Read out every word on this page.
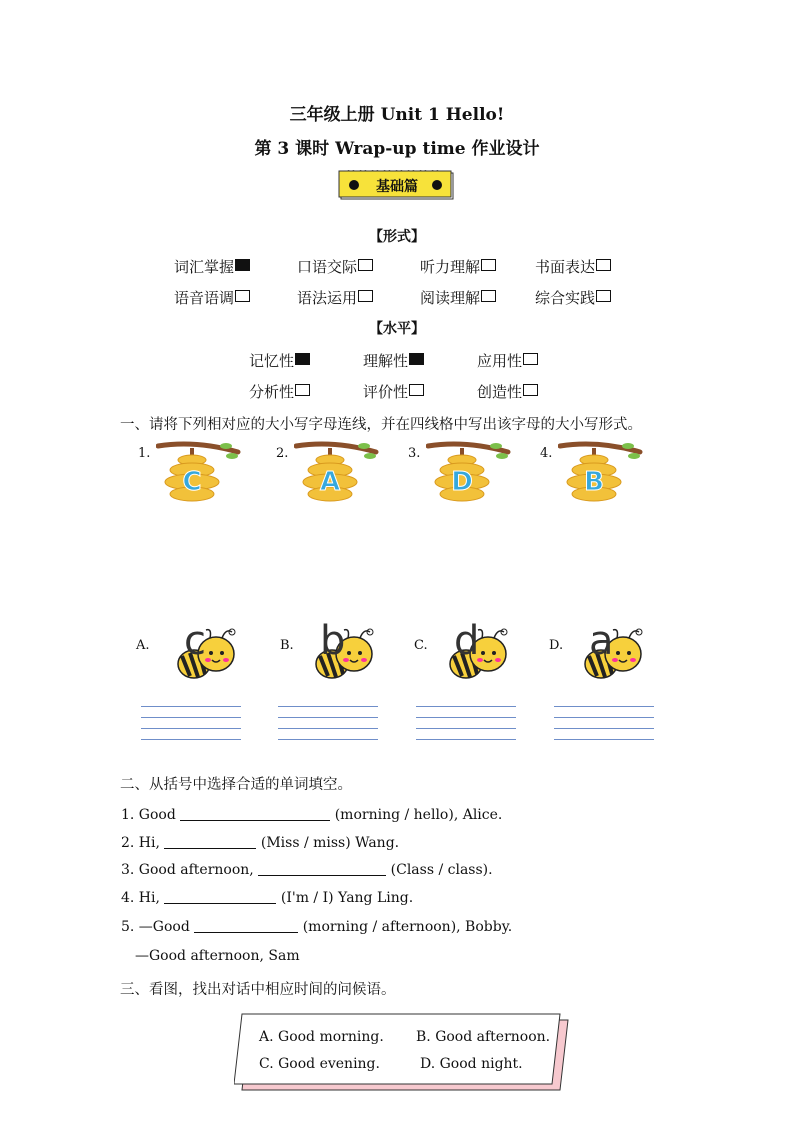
三年级上册 Unit 1 Hello!
第 3 课时 Wrap-up time 作业设计
基础篇
【形式】
词汇掌握	口语交际	听力理解	书面表达
语音语调	语法运用	阅读理解	综合实践
【水平】
记忆性	理解性	应用性
分析性	评价性	创造性
一、请将下列相对应的大小写字母连线，并在四线格中写出该字母的大小写形式。
1.
C
2.
A
3.
D
4.
B
A. c	B. b	C. d	D. a
二、从括号中选择合适的单词填空。
1. Good	(morning / hello), Alice.
2. Hi,	(Miss / miss) Wang.
3. Good afternoon,	(Class / class).
4. Hi,	(I'm / I) Yang Ling.
5. —Good	(morning / afternoon), Bobby.
—Good afternoon, Sam
三、看图，找出对话中相应时间的问候语。
A. Good morning. B. Good afternoon.
C. Good evening.	D. Good night.
